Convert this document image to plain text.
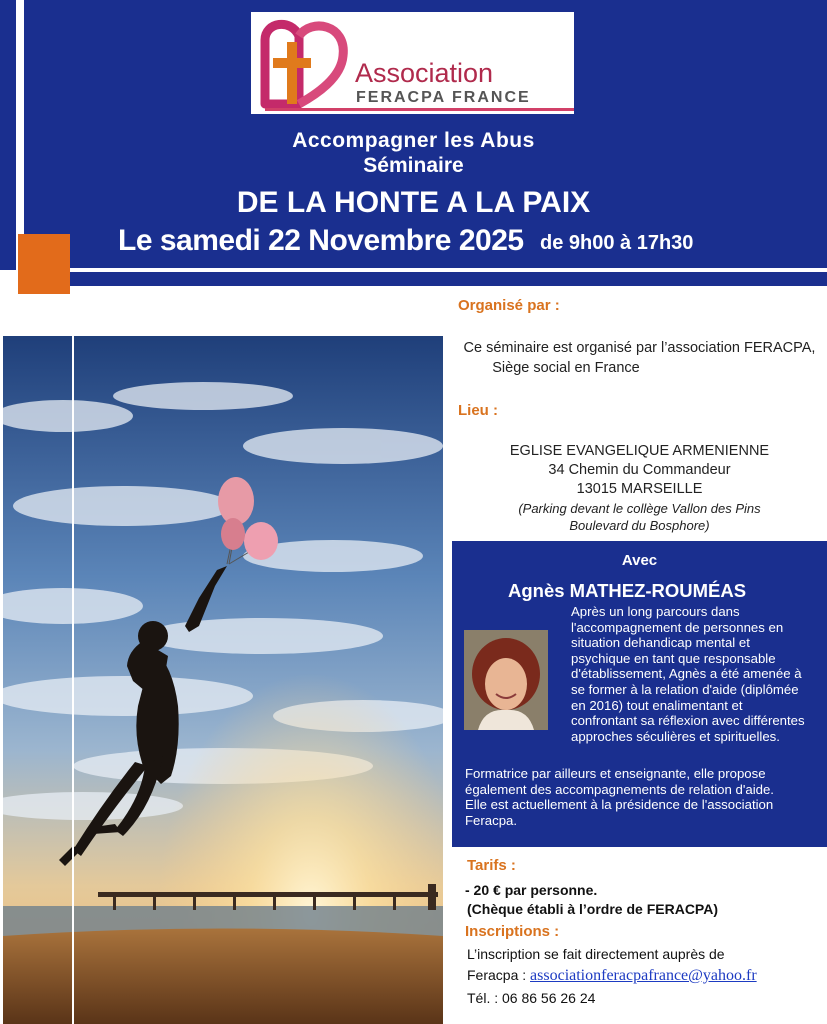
Association
FERACPA FRANCE
Accompagner les Abus
Séminaire
DE LA HONTE A LA PAIX
Le samedi 22 Novembre 2025 de 9h00 à 17h30
Organisé par :
Ce séminaire est organisé par l’association FERACPA,
Siège social en France
Lieu :
EGLISE EVANGELIQUE ARMENIENNE
34 Chemin du Commandeur
13015 MARSEILLE
(Parking devant le collège Vallon des Pins
Boulevard du Bosphore)
Avec
Agnès MATHEZ-ROUMÉAS
Après un long parcours dans
l'accompagnement de personnes en
situation dehandicap mental et
psychique en tant que responsable
d'établissement, Agnès a été amenée à
se former à la relation d'aide (diplômée
en 2016) tout enalimentant et
confrontant sa réflexion avec différentes
approches séculières et spirituelles.
Formatrice par ailleurs et enseignante, elle propose
également des accompagnements de relation d'aide.
Elle est actuellement à la présidence de l'association
Feracpa.
Tarifs :
- 20 € par personne.
(Chèque établi à l’ordre de FERACPA)
Inscriptions :
L’inscription se fait directement auprès de
Feracpa : associationferacpafrance@yahoo.fr
Tél. : 06 86 56 26 24
